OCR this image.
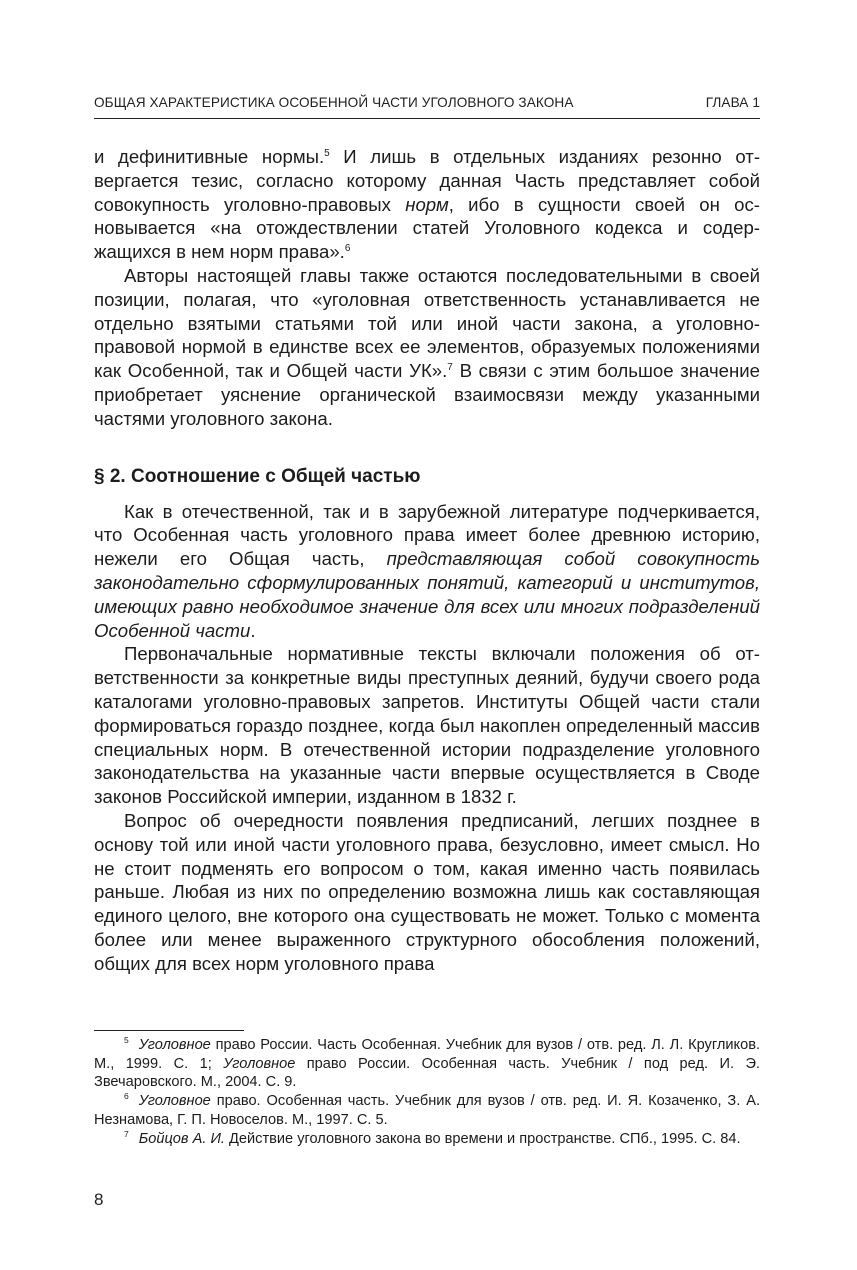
ОБЩАЯ ХАРАКТЕРИСТИКА ОСОБЕННОЙ ЧАСТИ УГОЛОВНОГО ЗАКОНА	ГЛАВА 1

и дефинитивные нормы.$^5$ И лишь в отдельных изданиях резонно отвергается тезис, согласно которому данная Часть представляет собой совокупность уголовно-правовых норм, ибо в сущности своей он основывается «на отождествлении статей Уголовного кодекса и содержащихся в нем норм права».$^6$

Авторы настоящей главы также остаются последовательными в своей позиции, полагая, что «уголовная ответственность устанавливается не отдельно взятыми статьями той или иной части закона, а уголовно-правовой нормой в единстве всех ее элементов, образуемых положениями как Особенной, так и Общей части УК».$^7$ В связи с этим большое значение приобретает уяснение органической взаимосвязи между указанными частями уголовного закона.

§ 2. Соотношение с Общей частью

Как в отечественной, так и в зарубежной литературе подчеркивается, что Особенная часть уголовного права имеет более древнюю историю, нежели его Общая часть, представляющая собой совокупность законодательно сформулированных понятий, категорий и институтов, имеющих равно необходимое значение для всех или многих подразделений Особенной части.

Первоначальные нормативные тексты включали положения об ответственности за конкретные виды преступных деяний, будучи своего рода каталогами уголовно-правовых запретов. Институты Общей части стали формироваться гораздо позднее, когда был накоплен определенный массив специальных норм. В отечественной истории подразделение уголовного законодательства на указанные части впервые осуществляется в Своде законов Российской империи, изданном в 1832 г.

Вопрос об очередности появления предписаний, легших позднее в основу той или иной части уголовного права, безусловно, имеет смысл. Но не стоит подменять его вопросом о том, какая именно часть появилась раньше. Любая из них по определению возможна лишь как составляющая единого целого, вне которого она существовать не может. Только с момента более или менее выраженного структурного обособления положений, общих для всех норм уголовного права

$^5$ Уголовное право России. Часть Особенная. Учебник для вузов / отв. ред. Л. Л. Кругликов. М., 1999. С. 1; Уголовное право России. Особенная часть. Учебник / под ред. И. Э. Звечаровского. М., 2004. С. 9.

$^6$ Уголовное право. Особенная часть. Учебник для вузов / отв. ред. И. Я. Козаченко, З. А. Незнамова, Г. П. Новоселов. М., 1997. С. 5.

$^7$ Бойцов А. И. Действие уголовного закона во времени и пространстве. СПб., 1995. С. 84.

8
